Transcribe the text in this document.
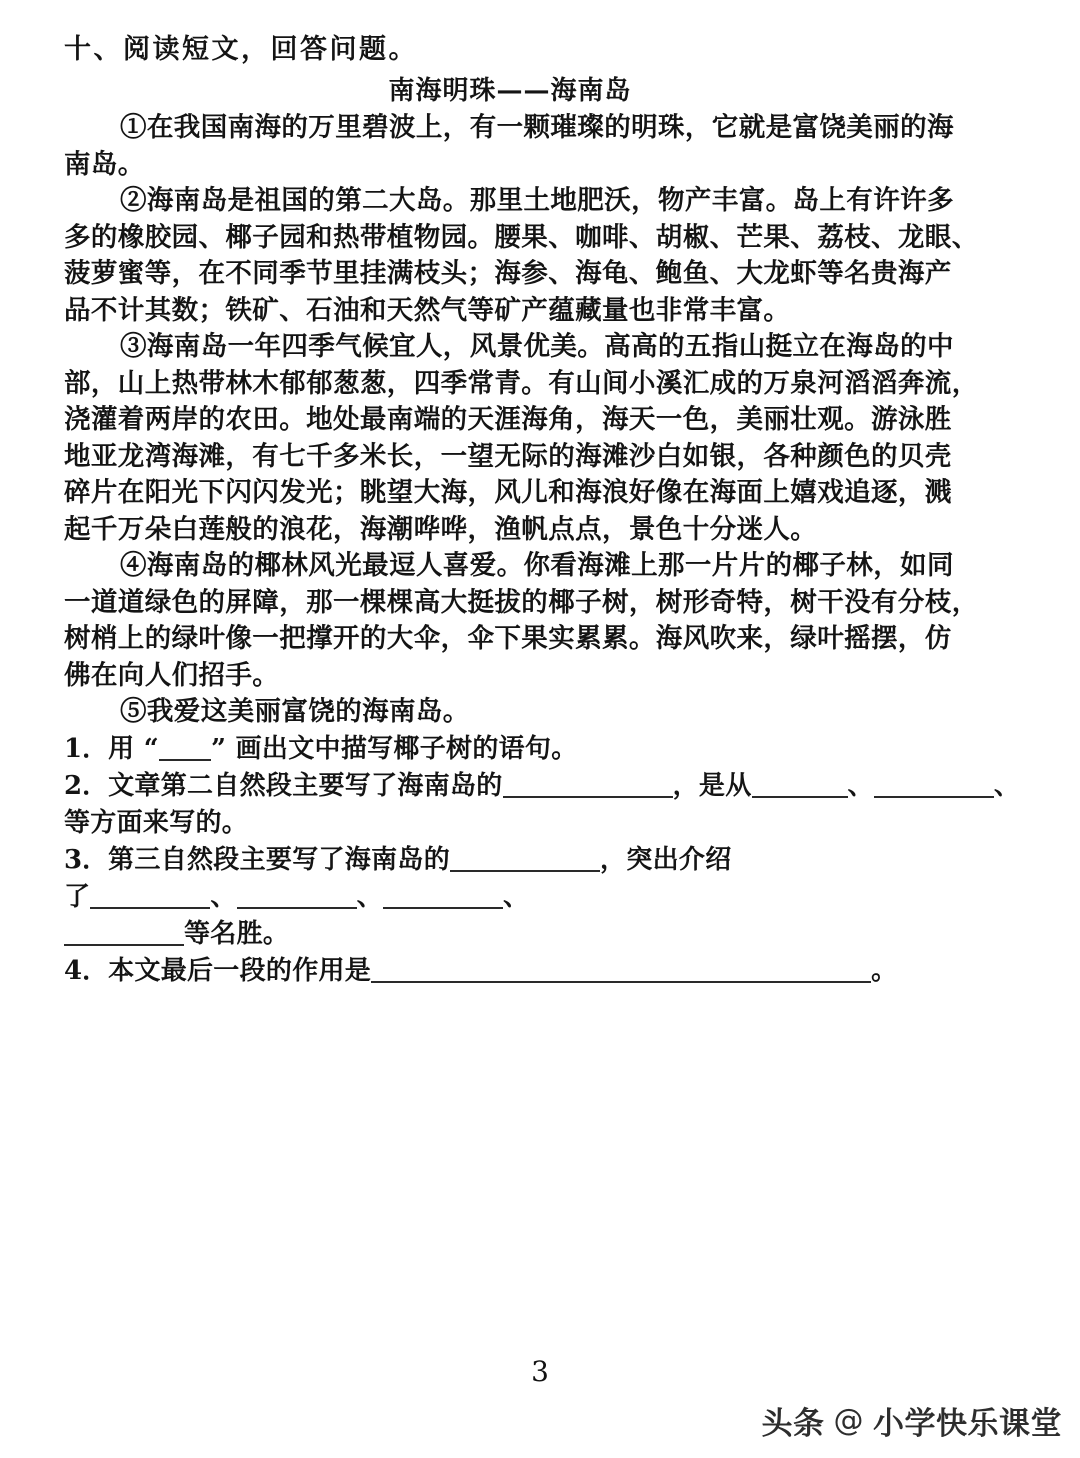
十、阅读短文，回答问题。
南海明珠——海南岛
①在我国南海的万里碧波上，有一颗璀璨的明珠，它就是富饶美丽的海
南岛。
②海南岛是祖国的第二大岛。那里土地肥沃，物产丰富。岛上有许许多
多的橡胶园、椰子园和热带植物园。腰果、咖啡、胡椒、芒果、荔枝、龙眼、
菠萝蜜等，在不同季节里挂满枝头；海参、海龟、鲍鱼、大龙虾等名贵海产
品不计其数；铁矿、石油和天然气等矿产蕴藏量也非常丰富。
③海南岛一年四季气候宜人，风景优美。高高的五指山挺立在海岛的中
部，山上热带林木郁郁葱葱，四季常青。有山间小溪汇成的万泉河滔滔奔流，
浇灌着两岸的农田。地处最南端的天涯海角，海天一色，美丽壮观。游泳胜
地亚龙湾海滩，有七千多米长，一望无际的海滩沙白如银，各种颜色的贝壳
碎片在阳光下闪闪发光；眺望大海，风儿和海浪好像在海面上嬉戏追逐，溅
起千万朵白莲般的浪花，海潮哗哗，渔帆点点，景色十分迷人。
④海南岛的椰林风光最逗人喜爱。你看海滩上那一片片的椰子林，如同
一道道绿色的屏障，那一棵棵高大挺拔的椰子树，树形奇特，树干没有分枝，
树梢上的绿叶像一把撑开的大伞，伞下果实累累。海风吹来，绿叶摇摆，仿
佛在向人们招手。
⑤我爱这美丽富饶的海南岛。
1．用 “ ” 画出文中描写椰子树的语句。
2．文章第二自然段主要写了海南岛的	，是从	、	、
等方面来写的。
3．第三自然段主要写了海南岛的	，突出介绍
了	、	、	、
等名胜。
4．本文最后一段的作用是	。
3
头条 @ 小学快乐课堂
